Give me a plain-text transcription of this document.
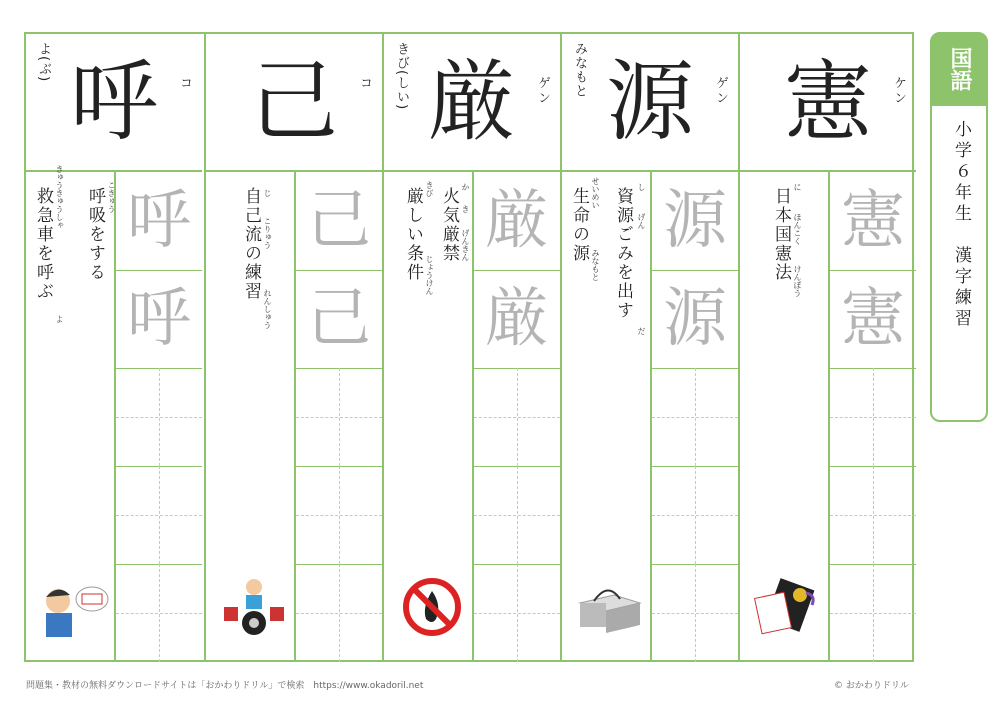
よ(ぶ) 呼	コ
呼吸をする
救急車を呼ぶ	こきゅう
きゅうきゅうしゃ
よ
呼
呼
己	コ
自己流の練習 じ
こりゅう
れんしゅう
己
己
きび(しい) 厳	ゲン
火気厳禁
厳しい条件	か
き
げんきん
きび
じょうけん
厳
厳
みなもと 源	ゲン
資源ごみを出す
生命の源	し
げん
だ
せいめい
みなもと
源
源
憲	ケン
日本国憲法 に
ほんこく
けんぽう
憲
憲
国語
小学６年生　漢字練習
問題集・教材の無料ダウンロードサイトは「おかわりドリル」で検索　https://www.okadoril.net	© おかわりドリル
